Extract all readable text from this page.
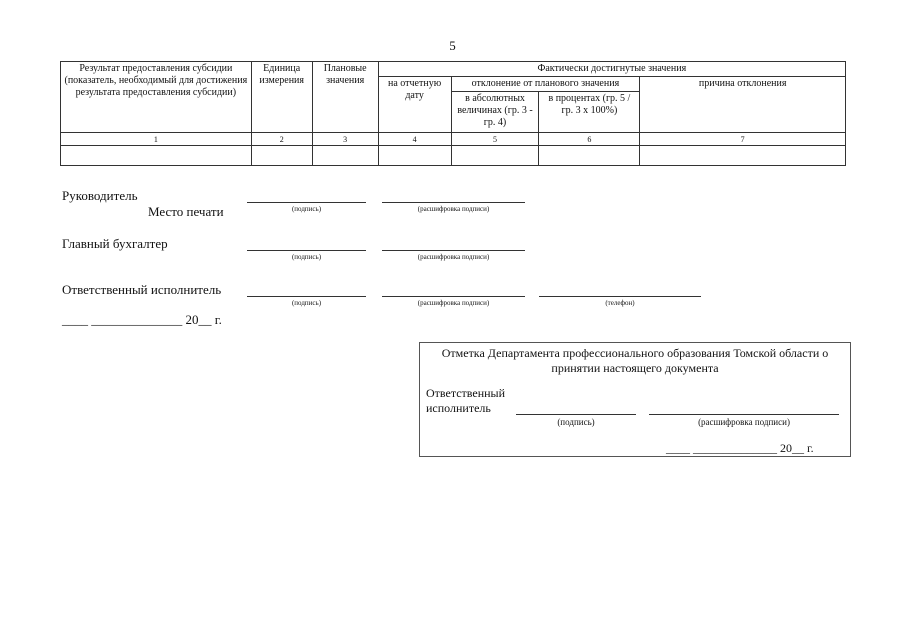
5
Результат предоставления субсидии (показатель, необходимый для достижения результата предоставления субсидии)	Единица измерения	Плановые значения	Фактически достигнутые значения			
			на отчетную дату	отклонение от планового значения		причина отклонения
				в абсолютных величинах (гр. 3 - гр. 4)	в процентах (гр. 5 / гр. 3 х 100%)	
1	2	3	4	5	6	7

Руководитель
Место печати	(подпись)	(расшифровка подписи)
Главный бухгалтер
(подпись)	(расшифровка подписи)
Ответственный исполнитель
(подпись)	(расшифровка подписи)	(телефон)
____ ______________ 20__ г.
Отметка Департамента профессионального образования Томской области о принятии настоящего документа
Ответственный
исполнитель
(подпись)	(расшифровка подписи)
____ ______________ 20__ г.
